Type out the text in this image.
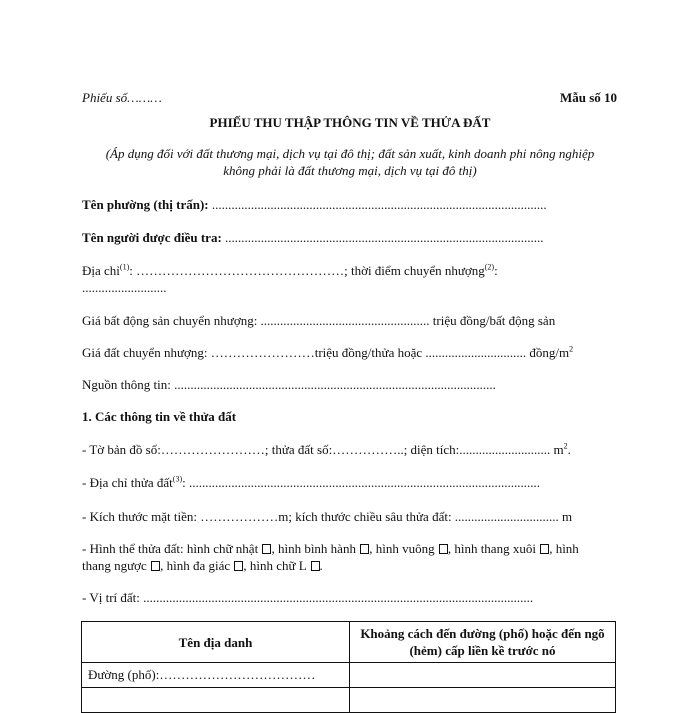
Phiếu số………	Mẫu số 10
PHIẾU THU THẬP THÔNG TIN VỀ THỬA ĐẤT
(Áp dụng đối với đất thương mại, dịch vụ tại đô thị; đất sản xuất, kinh doanh phi nông nghiệp
không phải là đất thương mại, dịch vụ tại đô thị)
Tên phường (thị trấn): .......................................................................................................
Tên người được điều tra: ..................................................................................................
Địa chỉ$^{(1)}$: …………………………………………; thời điểm chuyển nhượng$^{(2)}$:
..........................
Giá bất động sản chuyển nhượng: .................................................... triệu đồng/bất động sản
Giá đất chuyển nhượng: ……………………triệu đồng/thửa hoặc ............................... đồng/$m^2$
Nguồn thông tin: ...................................................................................................
1. Các thông tin về thửa đất
- Tờ bản đồ số:……………………; thửa đất số:……………..; diện tích:............................ $m^2$.
- Địa chỉ thửa đất$^{(3)}$: ............................................................................................................
- Kích thước mặt tiền: ………………m; kích thước chiều sâu thửa đất: ................................ m
- Hình thể thửa đất: hình chữ nhật , hình bình hành , hình vuông , hình thang xuôi , hình
thang ngược , hình đa giác , hình chữ L .
- Vị trí đất: ........................................................................................................................
Tên địa danh	Khoảng cách đến đường (phố) hoặc đến ngõ
(hẻm) cấp liền kề trước nó
Đường (phố):………………………………	
